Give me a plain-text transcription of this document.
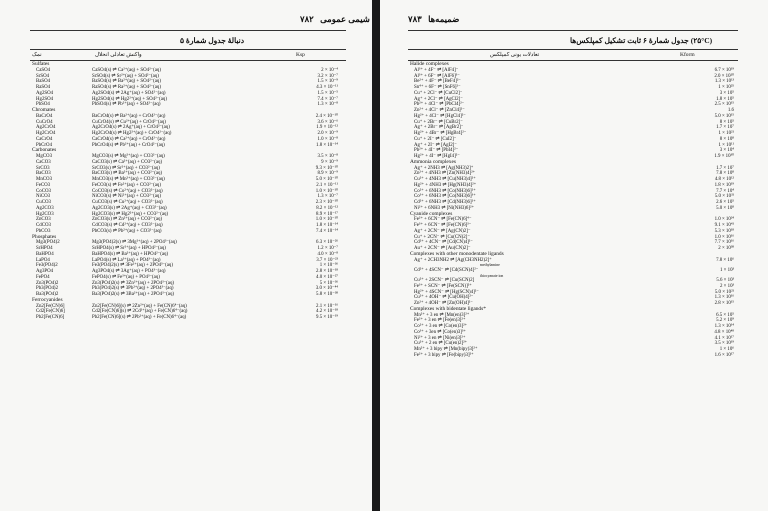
شیمی عمومی   ۷۸۲
دنبالهٔ جدول شمارهٔ ۵
نمک	واکنش تعادلی انحلال	Ksp
Sulfates
CaSO4	CaSO4(s) ⇌ Ca²⁺(aq) + SO4²⁻(aq)	2 × 10⁻⁴
SrSO4	SrSO4(s) ⇌ Sr²⁺(aq) + SO4²⁻(aq)	3.2 × 10⁻⁷
BaSO4	BaSO4(s) ⇌ Ba²⁺(aq) + SO4²⁻(aq)	1.5 × 10⁻⁹
RaSO4	RaSO4(s) ⇌ Ra²⁺(aq) + SO4²⁻(aq)	4.3 × 10⁻¹¹
Ag2SO4	Ag2SO4(s) ⇌ 2Ag⁺(aq) + SO4²⁻(aq)	1.5 × 10⁻⁵
Hg2SO4	Hg2SO4(s) ⇌ Hg2²⁺(aq) + SO4²⁻(aq)	7.4 × 10⁻⁷
PbSO4	PbSO4(s) ⇌ Pb²⁺(aq) + SO4²⁻(aq)	1.3 × 10⁻⁸
Chromates
BaCrO4	BaCrO4(s) ⇌ Ba²⁺(aq) + CrO4²⁻(aq)	2.4 × 10⁻¹⁰
CuCrO4	CuCrO4(s) ⇌ Cu²⁺(aq) + CrO4²⁻(aq)	3.6 × 10⁻⁶
Ag2CrO4	Ag2CrO4(s) ⇌ 2Ag⁺(aq) + CrO4²⁻(aq)	1.9 × 10⁻¹²
Hg2CrO4	Hg2CrO4(s) ⇌ Hg2²⁺(aq) + CrO4²⁻(aq)	2.0 × 10⁻⁹
CaCrO4	CaCrO4(s) ⇌ Ca²⁺(aq) + CrO4²⁻(aq)	1.0 × 10⁻⁸
PbCrO4	PbCrO4(s) ⇌ Pb²⁺(aq) + CrO4²⁻(aq)	1.8 × 10⁻¹⁴
Carbonates
MgCO3	MgCO3(s) ⇌ Mg²⁺(aq) + CO3²⁻(aq)	3.5 × 10⁻⁸
CaCO3	CaCO3(s) ⇌ Ca²⁺(aq) + CO3²⁻(aq)	9 × 10⁻⁹
SrCO3	SrCO3(s) ⇌ Sr²⁺(aq) + CO3²⁻(aq)	9.3 × 10⁻¹⁰
BaCO3	BaCO3(s) ⇌ Ba²⁺(aq) + CO3²⁻(aq)	8.9 × 10⁻⁹
MnCO3	MnCO3(s) ⇌ Mn²⁺(aq) + CO3²⁻(aq)	5.0 × 10⁻¹⁰
FeCO3	FeCO3(s) ⇌ Fe²⁺(aq) + CO3²⁻(aq)	2.1 × 10⁻¹¹
CoCO3	CoCO3(s) ⇌ Co²⁺(aq) + CO3²⁻(aq)	1.0 × 10⁻¹⁰
NiCO3	NiCO3(s) ⇌ Ni²⁺(aq) + CO3²⁻(aq)	1.3 × 10⁻⁷
CuCO3	CuCO3(s) ⇌ Cu²⁺(aq) + CO3²⁻(aq)	2.3 × 10⁻¹⁰
Ag2CO3	Ag2CO3(s) ⇌ 2Ag⁺(aq) + CO3²⁻(aq)	8.2 × 10⁻¹²
Hg2CO3	Hg2CO3(s) ⇌ Hg2²⁺(aq) + CO3²⁻(aq)	8.9 × 10⁻¹⁷
ZnCO3	ZnCO3(s) ⇌ Zn²⁺(aq) + CO3²⁻(aq)	1.0 × 10⁻¹⁰
CdCO3	CdCO3(s) ⇌ Cd²⁺(aq) + CO3²⁻(aq)	1.8 × 10⁻¹⁴
PbCO3	PbCO3(s) ⇌ Pb²⁺(aq) + CO3²⁻(aq)	7.4 × 10⁻¹⁴
Phosphates
Mg3(PO4)2	Mg3(PO4)2(s) ⇌ 3Mg²⁺(aq) + 2PO4³⁻(aq)	6.3 × 10⁻²⁶
SrHPO4	SrHPO4(s) ⇌ Sr²⁺(aq) + HPO4²⁻(aq)	1.2 × 10⁻⁷
BaHPO4	BaHPO4(s) ⇌ Ba²⁺(aq) + HPO4²⁻(aq)	4.0 × 10⁻⁸
LaPO4	LaPO4(s) ⇌ La³⁺(aq) + PO4³⁻(aq)	3.7 × 10⁻²³
Fe3(PO4)2	Fe3(PO4)2(s) ⇌ 3Fe²⁺(aq) + 2PO4³⁻(aq)	1 × 10⁻³⁶
Ag3PO4	Ag3PO4(s) ⇌ 3Ag⁺(aq) + PO4³⁻(aq)	2.8 × 10⁻¹⁸
FePO4	FePO4(s) ⇌ Fe³⁺(aq) + PO4³⁻(aq)	4.0 × 10⁻²⁷
Zn3(PO4)2	Zn3(PO4)2(s) ⇌ 3Zn²⁺(aq) + 2PO4³⁻(aq)	5 × 10⁻³⁶
Pb3(PO4)2	Pb3(PO4)2(s) ⇌ 3Pb²⁺(aq) + 2PO4³⁻(aq)	3.0 × 10⁻⁴⁴
Ba3(PO4)2	Ba3(PO4)2(s) ⇌ 3Ba²⁺(aq) + 2PO4³⁻(aq)	5.8 × 10⁻³⁸
Ferrocyanides
Zn2[Fe(CN)6]	Zn2[Fe(CN)6](s) ⇌ 2Zn²⁺(aq) + Fe(CN)6⁴⁻(aq)	2.1 × 10⁻¹⁶
Cd2[Fe(CN)6]	Cd2[Fe(CN)6](s) ⇌ 2Cd²⁺(aq) + Fe(CN)6⁴⁻(aq)	4.2 × 10⁻¹⁸
Pb2[Fe(CN)6]	Pb2[Fe(CN)6](s) ⇌ 2Pb²⁺(aq) + Fe(CN)6⁴⁻(aq)	9.5 × 10⁻¹⁹
۷۸۳ ضمیمه‌ها
جدول شمارهٔ ۶ ثابت تشکیل کمپلکس‌ها (۲۵°C)
تعادلات یونی کمپلکس	Kform
Halide complexes
Al³⁺ + 4F⁻ ⇌ [AlF4]⁻	6.7 × 10¹⁹
Al³⁺ + 6F⁻ ⇌ [AlF6]³⁻	2.0 × 10²⁰
Be²⁺ + 4F⁻ ⇌ [BeF4]²⁻	1.3 × 10¹³
Sn⁴⁺ + 6F⁻ ⇌ [SnF6]²⁻	1 × 10²⁵
Cu⁺ + 2Cl⁻ ⇌ [CuCl2]⁻	3 × 10⁵
Ag⁺ + 2Cl⁻ ⇌ [AgCl2]⁻	1.8 × 10⁵
Pb²⁺ + 4Cl⁻ ⇌ [PbCl4]²⁻	2.5 × 10¹⁵
Zn²⁺ + 4Cl⁻ ⇌ [ZnCl4]²⁻	1.6
Hg²⁺ + 4Cl⁻ ⇌ [HgCl4]²⁻	5.0 × 10¹⁵
Cu⁺ + 2Br⁻ ⇌ [CuBr2]⁻	8 × 10⁵
Ag⁺ + 2Br⁻ ⇌ [AgBr2]⁻	1.7 × 10⁷
Hg²⁺ + 4Br⁻ ⇌ [HgBr4]²⁻	1 × 10²¹
Cu⁺ + 2I⁻ ⇌ [CuI2]⁻	8 × 10⁸
Ag⁺ + 2I⁻ ⇌ [AgI2]⁻	1 × 10¹¹
Pb²⁺ + 4I⁻ ⇌ [PbI4]²⁻	3 × 10⁴
Hg²⁺ + 4I⁻ ⇌ [HgI4]²⁻	1.9 × 10³⁰
Ammonia complexes
Ag⁺ + 2NH3 ⇌ [Ag(NH3)2]⁺	1.7 × 10⁷
Zn²⁺ + 4NH3 ⇌ [Zn(NH3)4]²⁺	7.8 × 10⁸
Cu²⁺ + 4NH3 ⇌ [Cu(NH3)4]²⁺	4.8 × 10¹²
Hg²⁺ + 4NH3 ⇌ [Hg(NH3)4]²⁺	1.8 × 10¹⁹
Co²⁺ + 6NH3 ⇌ [Co(NH3)6]²⁺	7.7 × 10⁴
Co³⁺ + 6NH3 ⇌ [Co(NH3)6]³⁺	5.0 × 10³¹
Cd²⁺ + 6NH3 ⇌ [Cd(NH3)6]²⁺	2.6 × 10⁵
Ni²⁺ + 6NH3 ⇌ [Ni(NH3)6]²⁺	5.0 × 10⁸
Cyanide complexes
Fe²⁺ + 6CN⁻ ⇌ [Fe(CN)6]⁴⁻	1.0 × 10²⁴
Fe³⁺ + 6CN⁻ ⇌ [Fe(CN)6]³⁻	9.1 × 10⁴¹
Ag⁺ + 2CN⁻ ⇌ [Ag(CN)2]⁻	5.3 × 10¹⁸
Cu⁺ + 2CN⁻ ⇌ [Cu(CN)2]⁻	1.0 × 10¹⁶
Cd²⁺ + 4CN⁻ ⇌ [Cd(CN)4]²⁻	7.7 × 10¹⁶
Au⁺ + 2CN⁻ ⇌ [Au(CN)2]⁻	2 × 10³⁸
Complexes with other monodentate ligands
Ag⁺ + 2CH3NH2 ⇌ [Ag(CH3NH2)2]⁺	7.8 × 10⁶
methylamine
Cd²⁺ + 4SCN⁻ ⇌ [Cd(SCN)4]²⁻	1 × 10³
thiocyanate ion
Cu²⁺ + 2SCN⁻ ⇌ [Cu(SCN)2]	5.6 × 10³
Fe³⁺ + SCN⁻ ⇌ [Fe(SCN)]²⁺	2 × 10³
Hg²⁺ + 4SCN⁻ ⇌ [Hg(SCN)4]²⁻	5.0 × 10²¹
Cu²⁺ + 4OH⁻ ⇌ [Cu(OH)4]²⁻	1.3 × 10¹⁶
Zn²⁺ + 4OH⁻ ⇌ [Zn(OH)4]²⁻	2.8 × 10¹⁵
Complexes with bidentate ligands*
Mn²⁺ + 3 en ⇌ [Mn(en)3]²⁺	6.5 × 10⁵
Fe²⁺ + 3 en ⇌ [Fe(en)3]²⁺	5.2 × 10⁹
Co²⁺ + 3 en ⇌ [Co(en)3]²⁺	1.3 × 10¹⁴
Co³⁺ + 3en ⇌ [Co(en)3]³⁺	4.8 × 10⁴⁸
Ni²⁺ + 3 en ⇌ [Ni(en)3]²⁺	4.1 × 10¹⁷
Cu²⁺ + 2 en ⇌ [Cu(en)2]²⁺	3.5 × 10¹⁹
Mn²⁺ + 3 bipy ⇌ [Mn(bipy)3]²⁺	1 × 10⁶
Fe²⁺ + 3 bipy ⇌ [Fe(bipy)3]²⁺	1.6 × 10¹⁷
